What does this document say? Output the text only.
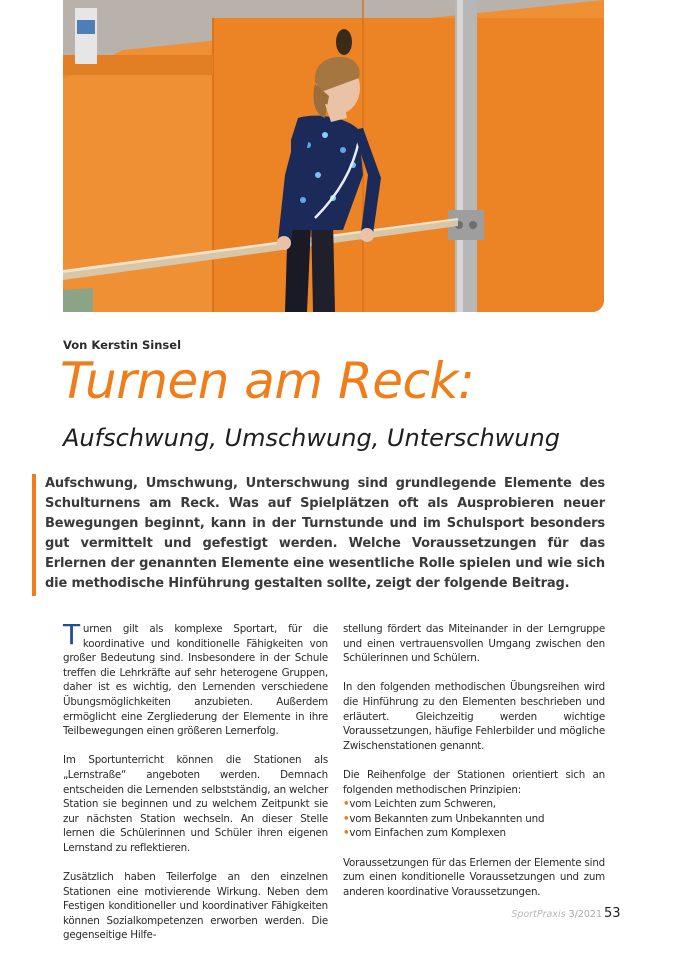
Von Kerstin Sinsel
Turnen am Reck:
Aufschwung, Umschwung, Unterschwung
Aufschwung, Umschwung, Unterschwung sind grundlegende Elemente des Schulturnens am Reck. Was auf Spielplätzen oft als Ausprobieren neuer Bewegungen beginnt, kann in der Turnstunde und im Schulsport besonders gut vermittelt und gefestigt werden. Welche Voraussetzungen für das Erlernen der genannten Elemente eine wesentliche Rolle spielen und wie sich die methodische Hinführung gestalten sollte, zeigt der folgende Beitrag.

Turnen gilt als komplexe Sportart, für die koordinative und konditionelle Fähigkeiten von großer Bedeutung sind. Insbesondere in der Schule treffen die Lehrkräfte auf sehr heterogene Gruppen, daher ist es wichtig, den Lernenden verschiedene Übungsmöglichkeiten anzubieten. Außerdem ermöglicht eine Zergliederung der Elemente in ihre Teilbewegungen einen größeren Lernerfolg.

Im Sportunterricht können die Stationen als „Lernstraße“ angeboten werden. Demnach entscheiden die Lernenden selbstständig, an welcher Station sie beginnen und zu welchem Zeitpunkt sie zur nächsten Station wechseln. An dieser Stelle lernen die Schülerinnen und Schüler ihren eigenen Lernstand zu reflektieren.

Zusätzlich haben Teilerfolge an den einzelnen Stationen eine motivierende Wirkung. Neben dem Festigen konditioneller und koordinativer Fähigkeiten können Sozialkompetenzen erworben werden. Die gegenseitige Hilfe-

stellung fördert das Miteinander in der Lerngruppe und einen vertrauensvollen Umgang zwischen den Schülerinnen und Schülern.

In den folgenden methodischen Übungsreihen wird die Hinführung zu den Elementen beschrieben und erläutert. Gleichzeitig werden wichtige Voraussetzungen, häufige Fehlerbilder und mögliche Zwischenstationen genannt.

Die Reihenfolge der Stationen orientiert sich an folgenden methodischen Prinzipien:

•vom Leichten zum Schweren,
•vom Bekannten zum Unbekannten und
•vom Einfachen zum Komplexen

Voraussetzungen für das Erlernen der Elemente sind zum einen konditionelle Voraussetzungen und zum anderen koordinative Voraussetzungen.

SportPraxis 3/2021 53
